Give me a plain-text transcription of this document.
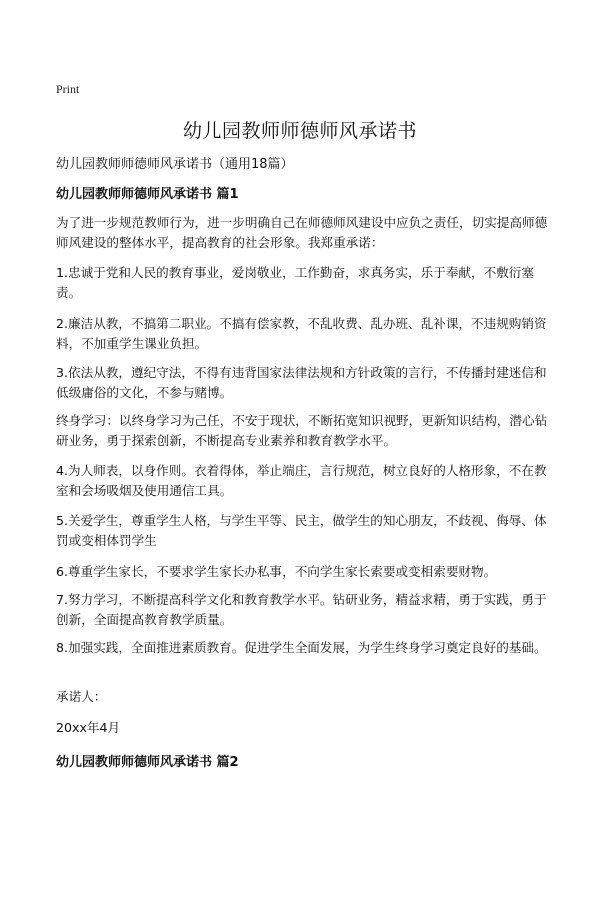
Print
幼儿园教师师德师风承诺书
幼儿园教师师德师风承诺书（通用18篇）
幼儿园教师师德师风承诺书 篇1

为了进一步规范教师行为，进一步明确自己在师德师风建设中应负之责任，切实提高师德师风建设的整体水平，提高教育的社会形象。我郑重承诺：

1.忠诚于党和人民的教育事业，爱岗敬业，工作勤奋，求真务实，乐于奉献，不敷衍塞责。

2.廉洁从教，不搞第二职业。不搞有偿家教，不乱收费、乱办班、乱补课，不违规购销资料，不加重学生课业负担。

3.依法从教，遵纪守法，不得有违背国家法律法规和方针政策的言行，不传播封建迷信和低级庸俗的文化，不参与赌博。

终身学习：以终身学习为己任，不安于现状，不断拓宽知识视野，更新知识结构，潜心钻研业务，勇于探索创新，不断提高专业素养和教育教学水平。

4.为人师表，以身作则。衣着得体，举止端庄，言行规范，树立良好的人格形象，不在教室和会场吸烟及使用通信工具。

5.关爱学生，尊重学生人格，与学生平等、民主，做学生的知心朋友，不歧视、侮辱、体罚或变相体罚学生

6.尊重学生家长，不要求学生家长办私事，不向学生家长索要或变相索要财物。

7.努力学习，不断提高科学文化和教育教学水平。钻研业务，精益求精，勇于实践，勇于创新，全面提高教育教学质量。

8.加强实践，全面推进素质教育。促进学生全面发展，为学生终身学习奠定良好的基础。

承诺人：

20xx年4月

幼儿园教师师德师风承诺书 篇2
